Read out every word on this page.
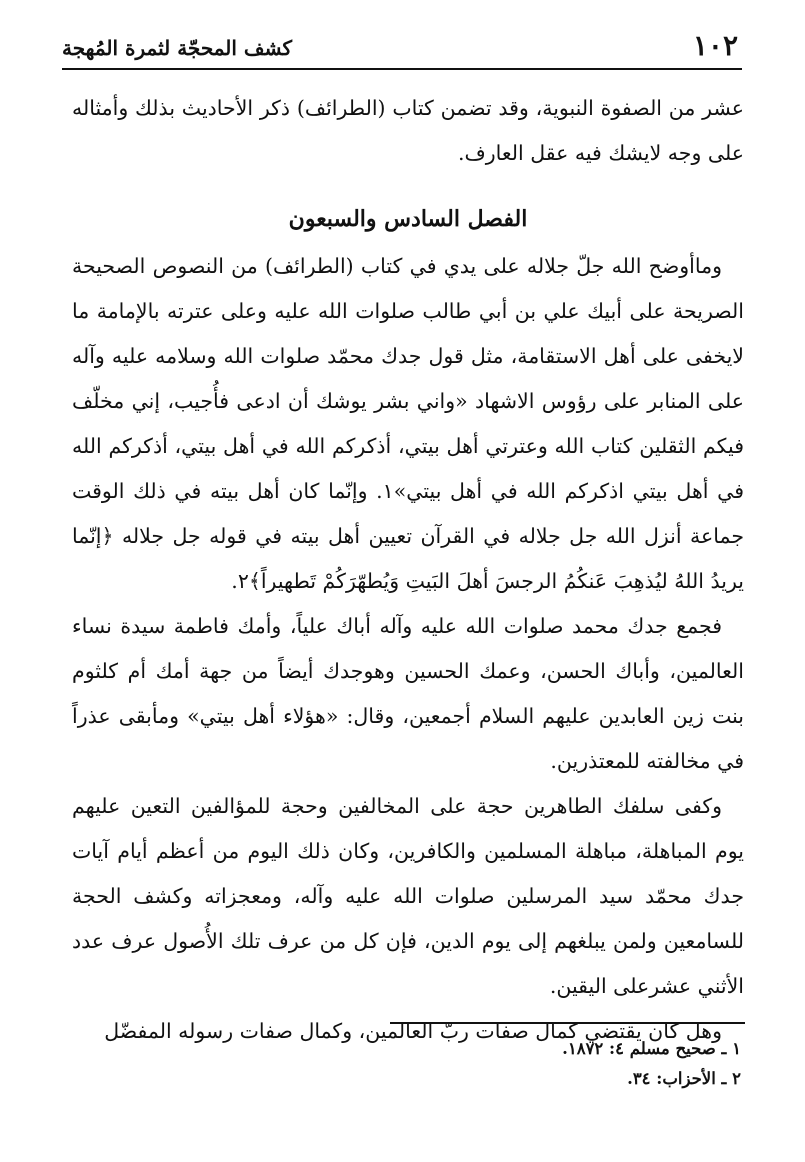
١٠٢
كشف المحجّة لثمرة المُهجة

عشر من الصفوة النبوية، وقد تضمن كتاب (الطرائف) ذكر الأحاديث بذلك وأمثاله على وجه لايشك فيه عقل العارف.

الفصل السادس والسبعون

وماأوضح الله جلّ جلاله على يدي في كتاب (الطرائف) من النصوص الصحيحة الصريحة على أبيك علي بن أبي طالب صلوات الله عليه وعلى عترته بالإمامة ما لايخفى على أهل الاستقامة، مثل قول جدك محمّد صلوات الله وسلامه عليه وآله على المنابر على رؤوس الاشهاد «واني بشر يوشك أن ادعى فأُجيب، إني مخلّف فيكم الثقلين كتاب الله وعترتي أهل بيتي، أذكركم الله في أهل بيتي، أذكركم الله في أهل بيتي اذكركم الله في أهل بيتي»١. وإنّما كان أهل بيته في ذلك الوقت جماعة أنزل الله جل جلاله في القرآن تعيين أهل بيته في قوله جل جلاله ﴿إنّما يريدُ اللهُ ليُذهِبَ عَنكُمُ الرجسَ أهلَ البَيتِ وَيُطهّرَكُمْ تَطهيراً﴾٢.

فجمع جدك محمد صلوات الله عليه وآله أباك علياً، وأمك فاطمة سيدة نساء العالمين، وأباك الحسن، وعمك الحسين وهوجدك أيضاً من جهة أمك أم كلثوم بنت زين العابدين عليهم السلام أجمعين، وقال: «هؤلاء أهل بيتي» ومأبقى عذراً في مخالفته للمعتذرين.

وكفى سلفك الطاهرين حجة على المخالفين وحجة للمؤالفين التعين عليهم يوم المباهلة، مباهلة المسلمين والكافرين، وكان ذلك اليوم من أعظم أيام آيات جدك محمّد سيد المرسلين صلوات الله عليه وآله، ومعجزاته وكشف الحجة للسامعين ولمن يبلغهم إلى يوم الدين، فإن كل من عرف تلك الأُصول عرف عدد الأثني عشرعلى اليقين.

وهل كان يقتضي كمال صفات ربّ العالمين، وكمال صفات رسوله المفضّل

١ ـ صحيح مسلم ٤: ١٨٧٢.
٢ ـ الأحزاب: ٣٤.
